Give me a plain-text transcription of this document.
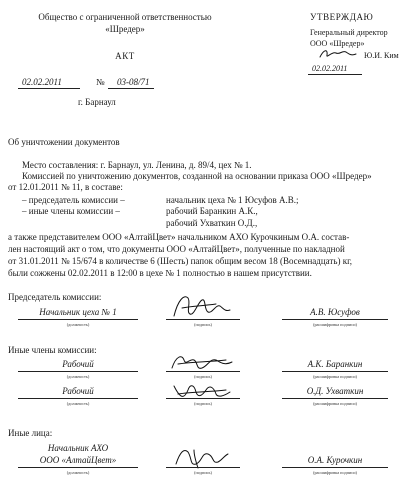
Общество с ограниченной ответственностью
«Шредер»
АКТ
02.02.2011	№ 03-08/71
г. Барнаул
УТВЕРЖДАЮ
Генеральный директор
ООО «Шредер»
Ю.И. Ким
02.02.2011
Об уничтожении документов
Место составления: г. Барнаул, ул. Ленина, д. 89/4, цех № 1.
Комиссией по уничтожению документов, созданной на основании приказа ООО «Шредер»
от 12.01.2011 № 11, в составе:
– председатель комиссии –	начальник цеха № 1 Юсуфов А.В.;
– иные члены комиссии –	рабочий Баранкин А.К.,
рабочий Ухваткин О.Д.,
а также представителем ООО «АлтайЦвет» начальником АХО Курочкиным О.А. состав-
лен настоящий акт о том, что документы ООО «АлтайЦвет», полученные по накладной
от 31.01.2011 № 15/674 в количестве 6 (Шесть) папок общим весом 18 (Восемнадцать) кг,
были сожжены 02.02.2011 в 12:00 в цехе № 1 полностью в нашем присутствии.
Председатель комиссии:
Начальник цеха № 1
(должность)	(подпись)
А.В. Юсуфов
(расшифровка подписи)
Иные члены комиссии:
Рабочий
(должность)	(подпись)
А.К. Баранкин
(расшифровка подписи)
Рабочий
(должность)	(подпись)
О.Д. Ухваткин
(расшифровка подписи)
Иные лица:
Начальник АХО
ООО «АлтайЦвет»
(должность)	(подпись)
О.А. Курочкин
(расшифровка подписи)
